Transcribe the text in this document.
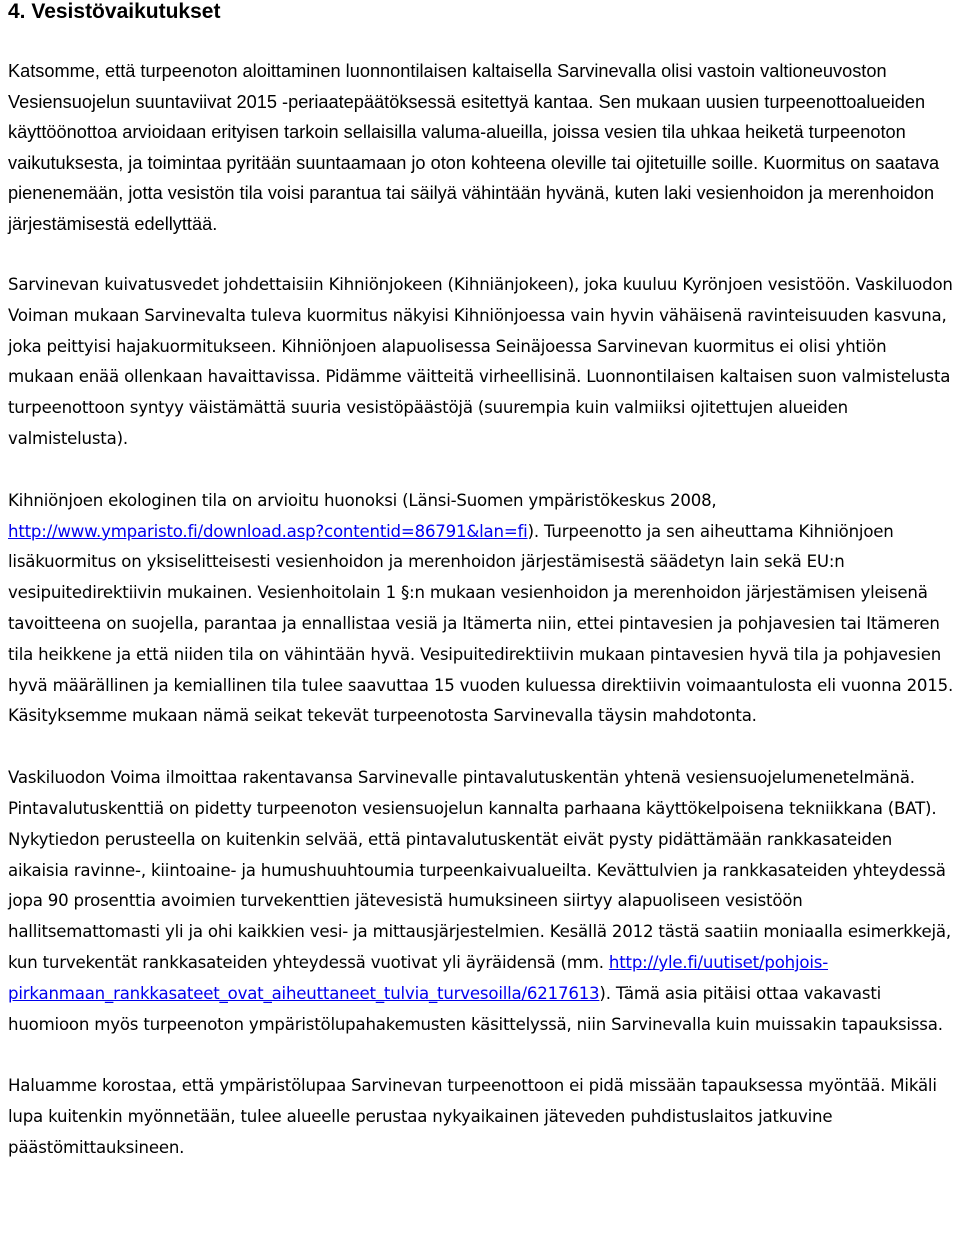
4. Vesistövaikutukset

Katsomme, että turpeenoton aloittaminen luonnontilaisen kaltaisella Sarvinevalla olisi vastoin valtioneuvoston Vesiensuojelun suuntaviivat 2015 -periaatepäätöksessä esitettyä kantaa. Sen mukaan uusien turpeenottoalueiden käyttöönottoa arvioidaan erityisen tarkoin sellaisilla valuma-alueilla, joissa vesien tila uhkaa heiketä turpeenoton vaikutuksesta, ja toimintaa pyritään suuntaamaan jo oton kohteena oleville tai ojitetuille soille. Kuormitus on saatava pienenemään, jotta vesistön tila voisi parantua tai säilyä vähintään hyvänä, kuten laki vesienhoidon ja merenhoidon järjestämisestä edellyttää.

Sarvinevan kuivatusvedet johdettaisiin Kihniönjokeen (Kihniänjokeen), joka kuuluu Kyrönjoen vesistöön. Vaskiluodon Voiman mukaan Sarvinevalta tuleva kuormitus näkyisi Kihniönjoessa vain hyvin vähäisenä ravinteisuuden kasvuna, joka peittyisi hajakuormitukseen. Kihniönjoen alapuolisessa Seinäjoessa Sarvinevan kuormitus ei olisi yhtiön mukaan enää ollenkaan havaittavissa. Pidämme väitteitä virheellisinä. Luonnontilaisen kaltaisen suon valmistelusta turpeenottoon syntyy väistämättä suuria vesistöpäästöjä (suurempia kuin valmiiksi ojitettujen alueiden valmistelusta).

Kihniönjoen ekologinen tila on arvioitu huonoksi (Länsi-Suomen ympäristökeskus 2008, http://www.ymparisto.fi/download.asp?contentid=86791&lan=fi). Turpeenotto ja sen aiheuttama Kihniönjoen lisäkuormitus on yksiselitteisesti vesienhoidon ja merenhoidon järjestämisestä säädetyn lain sekä EU:n vesipuitedirektiivin mukainen. Vesienhoitolain 1 §:n mukaan vesienhoidon ja merenhoidon järjestämisen yleisenä tavoitteena on suojella, parantaa ja ennallistaa vesiä ja Itämerta niin, ettei pintavesien ja pohjavesien tai Itämeren tila heikkene ja että niiden tila on vähintään hyvä. Vesipuitedirektiivin mukaan pintavesien hyvä tila ja pohjavesien hyvä määrällinen ja kemiallinen tila tulee saavuttaa 15 vuoden kuluessa direktiivin voimaantulosta eli vuonna 2015. Käsityksemme mukaan nämä seikat tekevät turpeenotosta Sarvinevalla täysin mahdotonta.

Vaskiluodon Voima ilmoittaa rakentavansa Sarvinevalle pintavalutuskentän yhtenä vesiensuojelumenetelmänä. Pintavalutuskenttiä on pidetty turpeenoton vesiensuojelun kannalta parhaana käyttökelpoisena tekniikkana (BAT). Nykytiedon perusteella on kuitenkin selvää, että pintavalutuskentät eivät pysty pidättämään rankkasateiden aikaisia ravinne-, kiintoaine- ja humushuuhtoumia turpeenkaivualueilta. Kevättulvien ja rankkasateiden yhteydessä jopa 90 prosenttia avoimien turvekenttien jätevesistä humuksineen siirtyy alapuoliseen vesistöön hallitsemattomasti yli ja ohi kaikkien vesi- ja mittausjärjestelmien. Kesällä 2012 tästä saatiin moniaalla esimerkkejä, kun turvekentät rankkasateiden yhteydessä vuotivat yli äyräidensä (mm. http://yle.fi/uutiset/pohjois-pirkanmaan_rankkasateet_ovat_aiheuttaneet_tulvia_turvesoilla/6217613). Tämä asia pitäisi ottaa vakavasti huomioon myös turpeenoton ympäristölupahakemusten käsittelyssä, niin Sarvinevalla kuin muissakin tapauksissa.

Haluamme korostaa, että ympäristölupaa Sarvinevan turpeenottoon ei pidä missään tapauksessa myöntää. Mikäli lupa kuitenkin myönnetään, tulee alueelle perustaa nykyaikainen jäteveden puhdistuslaitos jatkuvine päästömittauksineen.
